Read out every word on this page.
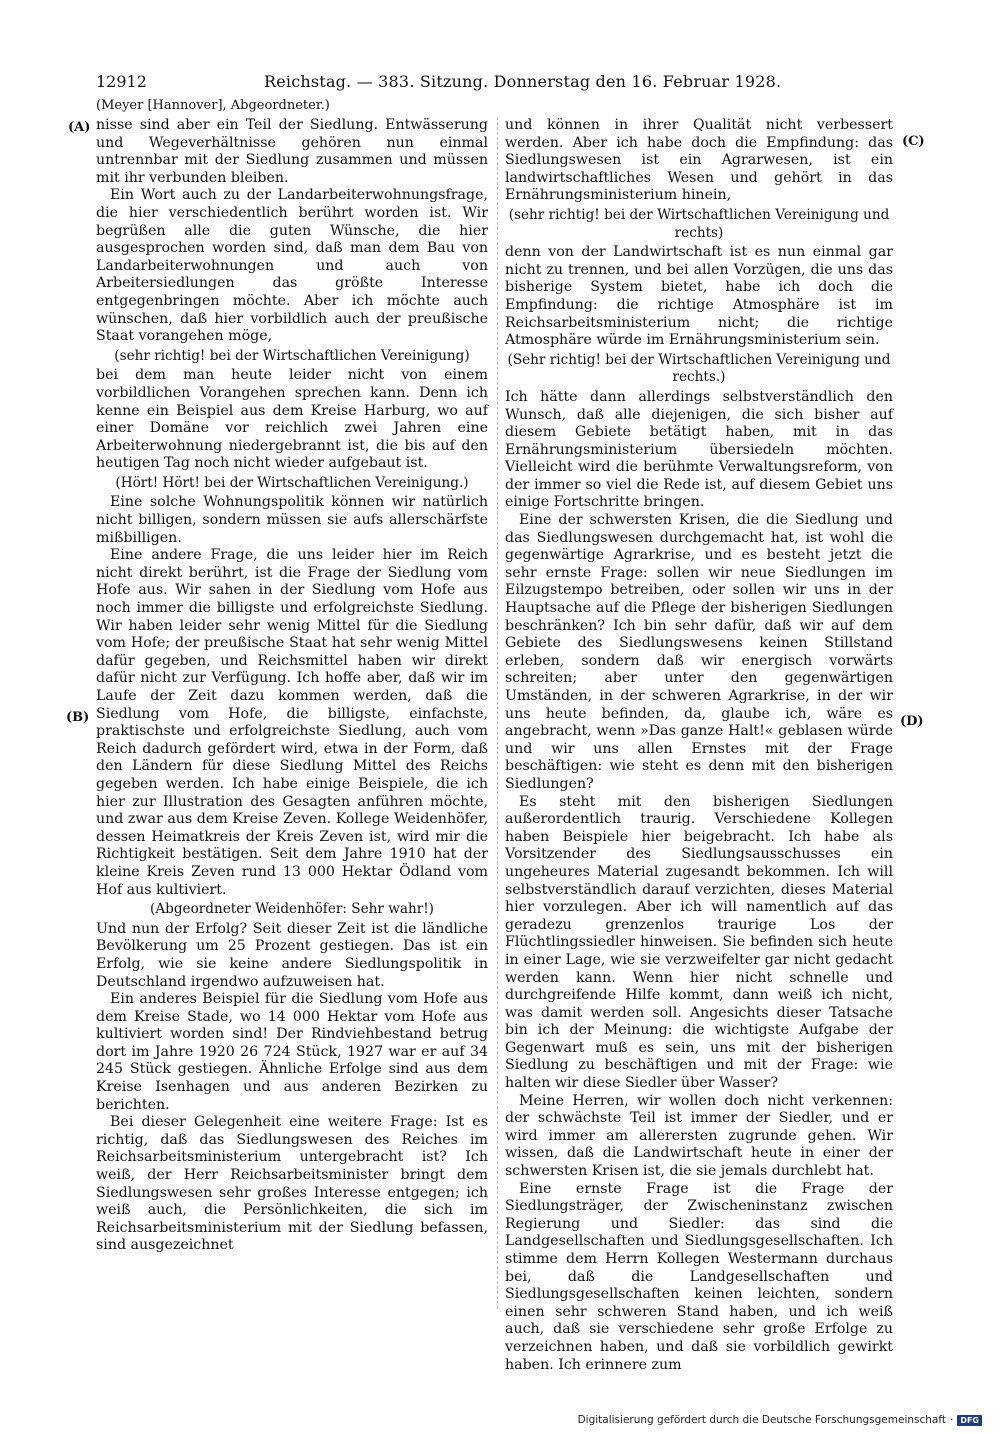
12912	Reichstag. — 383. Sitzung. Donnerstag den 16. Februar 1928.
(Meyer [Hannover], Abgeordneter.)
(A)
(B)
(C)
(D)

nisse sind aber ein Teil der Siedlung. Entwässerung und Wegeverhältnisse gehören nun einmal untrennbar mit der Siedlung zusammen und müssen mit ihr verbunden bleiben.

Ein Wort auch zu der Landarbeiterwohnungsfrage, die hier verschiedentlich berührt worden ist. Wir begrüßen alle die guten Wünsche, die hier ausgesprochen worden sind, daß man dem Bau von Landarbeiterwohnungen und auch von Arbeitersiedlungen das größte Interesse entgegenbringen möchte. Aber ich möchte auch wünschen, daß hier vorbildlich auch der preußische Staat vorangehen möge,

(sehr richtig! bei der Wirtschaftlichen Vereinigung)

bei dem man heute leider nicht von einem vorbildlichen Vorangehen sprechen kann. Denn ich kenne ein Beispiel aus dem Kreise Harburg, wo auf einer Domäne vor reichlich zwei Jahren eine Arbeiterwohnung niedergebrannt ist, die bis auf den heutigen Tag noch nicht wieder aufgebaut ist.

(Hört! Hört! bei der Wirtschaftlichen Vereinigung.)

Eine solche Wohnungspolitik können wir natürlich nicht billigen, sondern müssen sie aufs allerschärfste mißbilligen.

Eine andere Frage, die uns leider hier im Reich nicht direkt berührt, ist die Frage der Siedlung vom Hofe aus. Wir sahen in der Siedlung vom Hofe aus noch immer die billigste und erfolgreichste Siedlung. Wir haben leider sehr wenig Mittel für die Siedlung vom Hofe; der preußische Staat hat sehr wenig Mittel dafür gegeben, und Reichsmittel haben wir direkt dafür nicht zur Verfügung. Ich hoffe aber, daß wir im Laufe der Zeit dazu kommen werden, daß die Siedlung vom Hofe, die billigste, einfachste, praktischste und erfolgreichste Siedlung, auch vom Reich dadurch gefördert wird, etwa in der Form, daß den Ländern für diese Siedlung Mittel des Reichs gegeben werden. Ich habe einige Beispiele, die ich hier zur Illustration des Gesagten anführen möchte, und zwar aus dem Kreise Zeven. Kollege Weidenhöfer, dessen Heimatkreis der Kreis Zeven ist, wird mir die Richtigkeit bestätigen. Seit dem Jahre 1910 hat der kleine Kreis Zeven rund 13 000 Hektar Ödland vom Hof aus kultiviert.

(Abgeordneter Weidenhöfer: Sehr wahr!)

Und nun der Erfolg? Seit dieser Zeit ist die ländliche Bevölkerung um 25 Prozent gestiegen. Das ist ein Erfolg, wie sie keine andere Siedlungspolitik in Deutschland irgendwo aufzuweisen hat.

Ein anderes Beispiel für die Siedlung vom Hofe aus dem Kreise Stade, wo 14 000 Hektar vom Hofe aus kultiviert worden sind! Der Rindviehbestand betrug dort im Jahre 1920 26 724 Stück, 1927 war er auf 34 245 Stück gestiegen. Ähnliche Erfolge sind aus dem Kreise Isenhagen und aus anderen Bezirken zu berichten.

Bei dieser Gelegenheit eine weitere Frage: Ist es richtig, daß das Siedlungswesen des Reiches im Reichsarbeitsministerium untergebracht ist? Ich weiß, der Herr Reichsarbeitsminister bringt dem Siedlungswesen sehr großes Interesse entgegen; ich weiß auch, die Persönlichkeiten, die sich im Reichsarbeitsministerium mit der Siedlung befassen, sind ausgezeichnet

und können in ihrer Qualität nicht verbessert werden. Aber ich habe doch die Empfindung: das Siedlungswesen ist ein Agrarwesen, ist ein landwirtschaftliches Wesen und gehört in das Ernährungsministerium hinein,

(sehr richtig! bei der Wirtschaftlichen Vereinigung und rechts)

denn von der Landwirtschaft ist es nun einmal gar nicht zu trennen, und bei allen Vorzügen, die uns das bisherige System bietet, habe ich doch die Empfindung: die richtige Atmosphäre ist im Reichsarbeitsministerium nicht; die richtige Atmosphäre würde im Ernährungsministerium sein.

(Sehr richtig! bei der Wirtschaftlichen Vereinigung und rechts.)

Ich hätte dann allerdings selbstverständlich den Wunsch, daß alle diejenigen, die sich bisher auf diesem Gebiete betätigt haben, mit in das Ernährungsministerium übersiedeln möchten. Vielleicht wird die berühmte Verwaltungsreform, von der immer so viel die Rede ist, auf diesem Gebiet uns einige Fortschritte bringen.

Eine der schwersten Krisen, die die Siedlung und das Siedlungswesen durchgemacht hat, ist wohl die gegenwärtige Agrarkrise, und es besteht jetzt die sehr ernste Frage: sollen wir neue Siedlungen im Eilzugstempo betreiben, oder sollen wir uns in der Hauptsache auf die Pflege der bisherigen Siedlungen beschränken? Ich bin sehr dafür, daß wir auf dem Gebiete des Siedlungswesens keinen Stillstand erleben, sondern daß wir energisch vorwärts schreiten; aber unter den gegenwärtigen Umständen, in der schweren Agrarkrise, in der wir uns heute befinden, da, glaube ich, wäre es angebracht, wenn »Das ganze Halt!« geblasen würde und wir uns allen Ernstes mit der Frage beschäftigen: wie steht es denn mit den bisherigen Siedlungen?

Es steht mit den bisherigen Siedlungen außerordentlich traurig. Verschiedene Kollegen haben Beispiele hier beigebracht. Ich habe als Vorsitzender des Siedlungsausschusses ein ungeheures Material zugesandt bekommen. Ich will selbstverständlich darauf verzichten, dieses Material hier vorzulegen. Aber ich will namentlich auf das geradezu grenzenlos traurige Los der Flüchtlingssiedler hinweisen. Sie befinden sich heute in einer Lage, wie sie verzweifelter gar nicht gedacht werden kann. Wenn hier nicht schnelle und durchgreifende Hilfe kommt, dann weiß ich nicht, was damit werden soll. Angesichts dieser Tatsache bin ich der Meinung: die wichtigste Aufgabe der Gegenwart muß es sein, uns mit der bisherigen Siedlung zu beschäftigen und mit der Frage: wie halten wir diese Siedler über Wasser?

Meine Herren, wir wollen doch nicht verkennen: der schwächste Teil ist immer der Siedler, und er wird immer am allerersten zugrunde gehen. Wir wissen, daß die Landwirtschaft heute in einer der schwersten Krisen ist, die sie jemals durchlebt hat.

Eine ernste Frage ist die Frage der Siedlungsträger, der Zwischeninstanz zwischen Regierung und Siedler: das sind die Landgesellschaften und Siedlungsgesellschaften. Ich stimme dem Herrn Kollegen Westermann durchaus bei, daß die Landgesellschaften und Siedlungsgesellschaften keinen leichten, sondern einen sehr schweren Stand haben, und ich weiß auch, daß sie verschiedene sehr große Erfolge zu verzeichnen haben, und daß sie vorbildlich gewirkt haben. Ich erinnere zum

Digitalisierung gefördert durch die Deutsche Forschungsgemeinschaft · DFG
